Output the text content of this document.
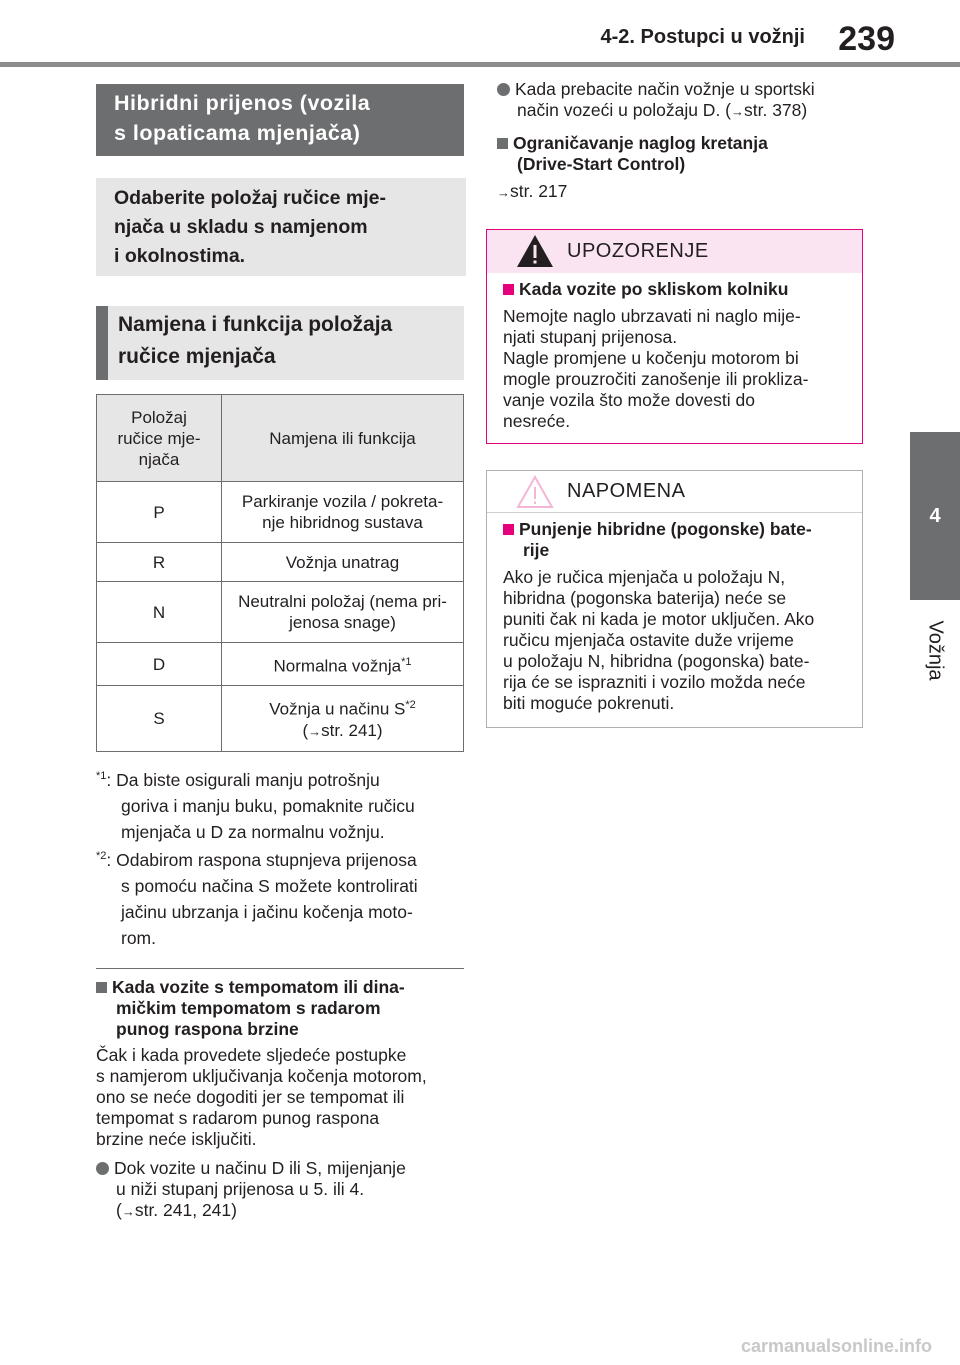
4-2. Postupci u vožnji 239
4
Vožnja
Hibridni prijenos (vozila
s lopaticama mjenjača)
Odaberite položaj ručice mje-
njača u skladu s namjenom
i okolnostima.
Namjena i funkcija položaja
ručice mjenjača
Položaj
ručice mje-
njača	Namjena ili funkcija
P	Parkiranje vozila / pokreta-
nje hibridnog sustava

R	Vožnja unatrag
N	Neutralni položaj (nema pri-
jenosa snage)

D	Normalna vožnja$^{*1}$
S	Vožnja u načinu $S^{*2}$
(→str. 241)
$^{*1}$: Da biste osigurali manju potrošnju
goriva i manju buku, pomaknite ručicu
mjenjača u D za normalnu vožnju.
$^{*2}$: Odabirom raspona stupnjeva prijenosa
s pomoću načina S možete kontrolirati
jačinu ubrzanja i jačinu kočenja moto-
rom.
Kada vozite s tempomatom ili dina-
mičkim tempomatom s radarom
punog raspona brzine
Čak i kada provedete sljedeće postupke
s namjerom uključivanja kočenja motorom,
ono se neće dogoditi jer se tempomat ili
tempomat s radarom punog raspona
brzine neće isključiti.
Dok vozite u načinu D ili S, mijenjanje
u niži stupanj prijenosa u 5. ili 4.
(→str. 241, 241)
Kada prebacite način vožnje u sportski
način vozeći u položaju D. (→str. 378)
Ograničavanje naglog kretanja
(Drive-Start Control)
→str. 217
UPOZORENJE
Kada vozite po skliskom kolniku
Nemojte naglo ubrzavati ni naglo mije-
njati stupanj prijenosa.
Nagle promjene u kočenju motorom bi
mogle prouzročiti zanošenje ili prokliza-
vanje vozila što može dovesti do
nesreće.
NAPOMENA
Punjenje hibridne (pogonske) bate-
rije
Ako je ručica mjenjača u položaju N,
hibridna (pogonska baterija) neće se
puniti čak ni kada je motor uključen. Ako
ručicu mjenjača ostavite duže vrijeme
u položaju N, hibridna (pogonska) bate-
rija će se isprazniti i vozilo možda neće
biti moguće pokrenuti.
carmanualsonline.info
